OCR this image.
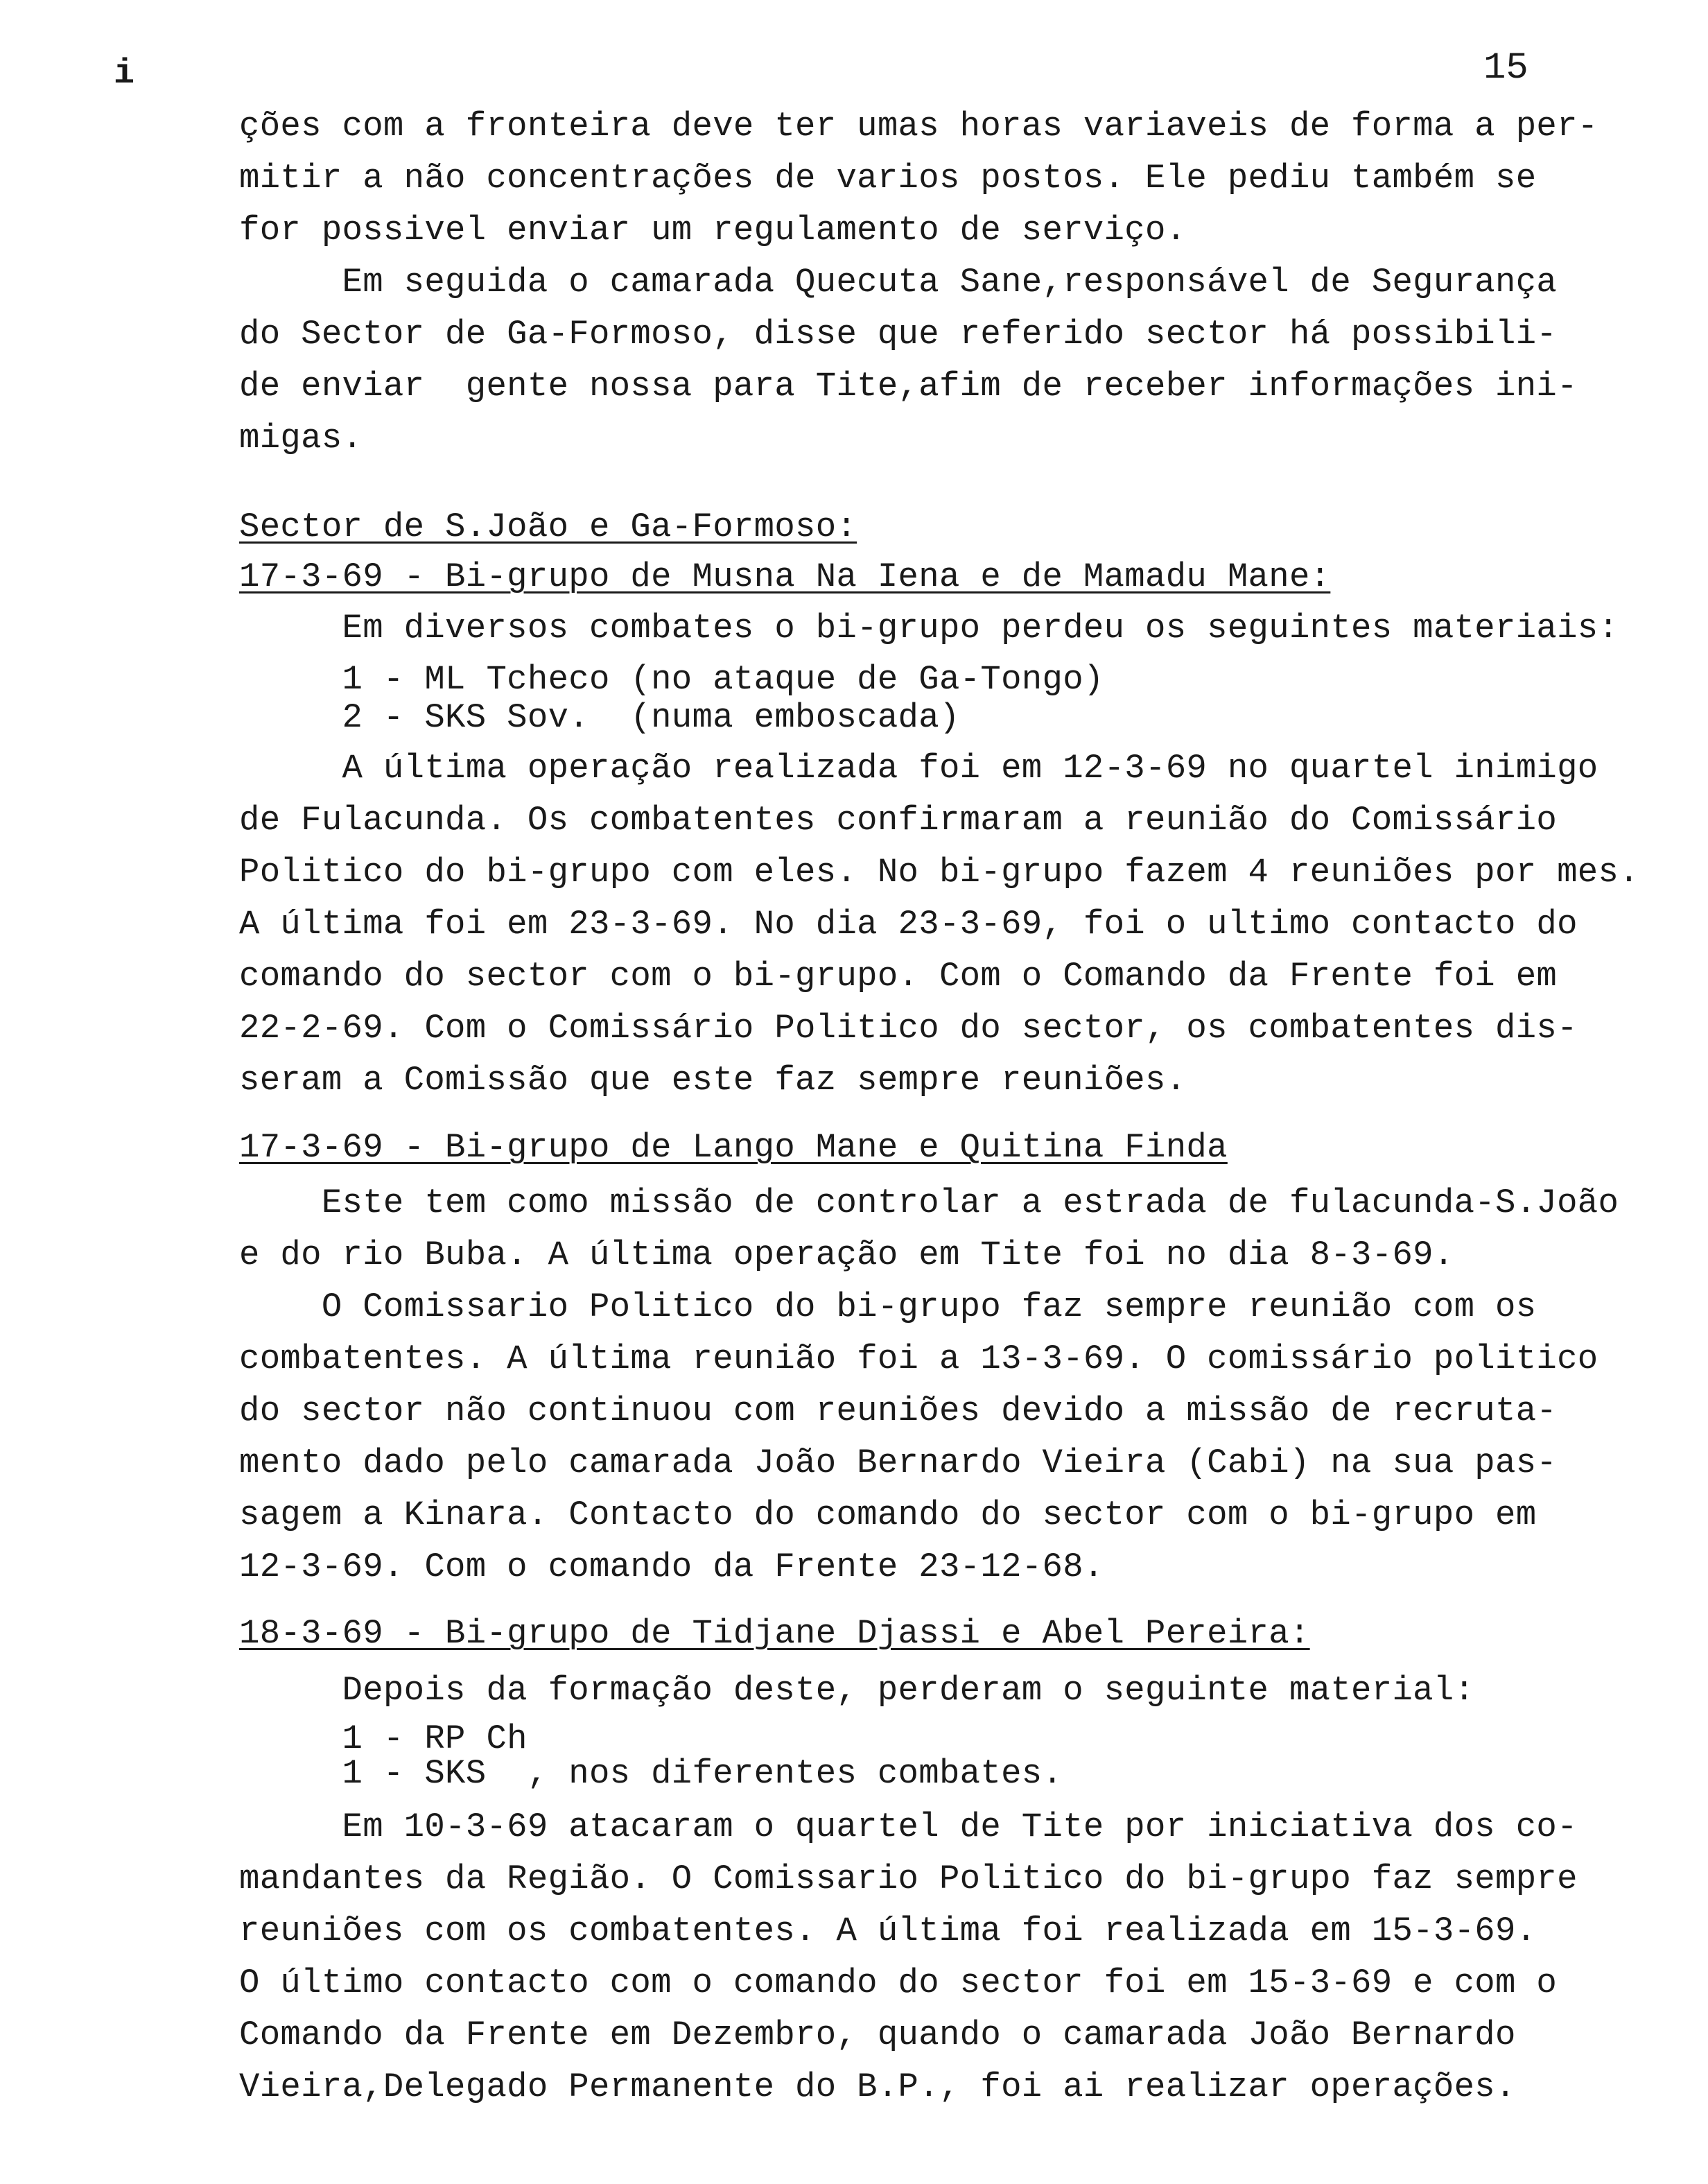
i	15
ções com a fronteira deve ter umas horas variaveis de forma a per-
mitir a não concentrações de varios postos. Ele pediu também se
for possivel enviar um regulamento de serviço.
Em seguida o camarada Quecuta Sane,responsável de Segurança
do Sector de Ga-Formoso, disse que referido sector há possibili-
de enviar  gente nossa para Tite,afim de receber informações ini-
migas.
Sector de S.João e Ga-Formoso:
17-3-69 - Bi-grupo de Musna Na Iena e de Mamadu Mane:
Em diversos combates o bi-grupo perdeu os seguintes materiais:
1 - ML Tcheco (no ataque de Ga-Tongo)
2 - SKS Sov.  (numa emboscada)
A última operação realizada foi em 12-3-69 no quartel inimigo
de Fulacunda. Os combatentes confirmaram a reunião do Comissário
Politico do bi-grupo com eles. No bi-grupo fazem 4 reuniões por mes.
A última foi em 23-3-69. No dia 23-3-69, foi o ultimo contacto do
comando do sector com o bi-grupo. Com o Comando da Frente foi em
22-2-69. Com o Comissário Politico do sector, os combatentes dis-
seram a Comissão que este faz sempre reuniões.
17-3-69 - Bi-grupo de Lango Mane e Quitina Finda
Este tem como missão de controlar a estrada de fulacunda-S.João
e do rio Buba. A última operação em Tite foi no dia 8-3-69.
O Comissario Politico do bi-grupo faz sempre reunião com os
combatentes. A última reunião foi a 13-3-69. O comissário politico
do sector não continuou com reuniões devido a missão de recruta-
mento dado pelo camarada João Bernardo Vieira (Cabi) na sua pas-
sagem a Kinara. Contacto do comando do sector com o bi-grupo em
12-3-69. Com o comando da Frente 23-12-68.
18-3-69 - Bi-grupo de Tidjane Djassi e Abel Pereira:
Depois da formação deste, perderam o seguinte material:
1 - RP Ch
1 - SKS  , nos diferentes combates.
Em 10-3-69 atacaram o quartel de Tite por iniciativa dos co-
mandantes da Região. O Comissario Politico do bi-grupo faz sempre
reuniões com os combatentes. A última foi realizada em 15-3-69.
O último contacto com o comando do sector foi em 15-3-69 e com o
Comando da Frente em Dezembro, quando o camarada João Bernardo
Vieira,Delegado Permanente do B.P., foi ai realizar operações.
